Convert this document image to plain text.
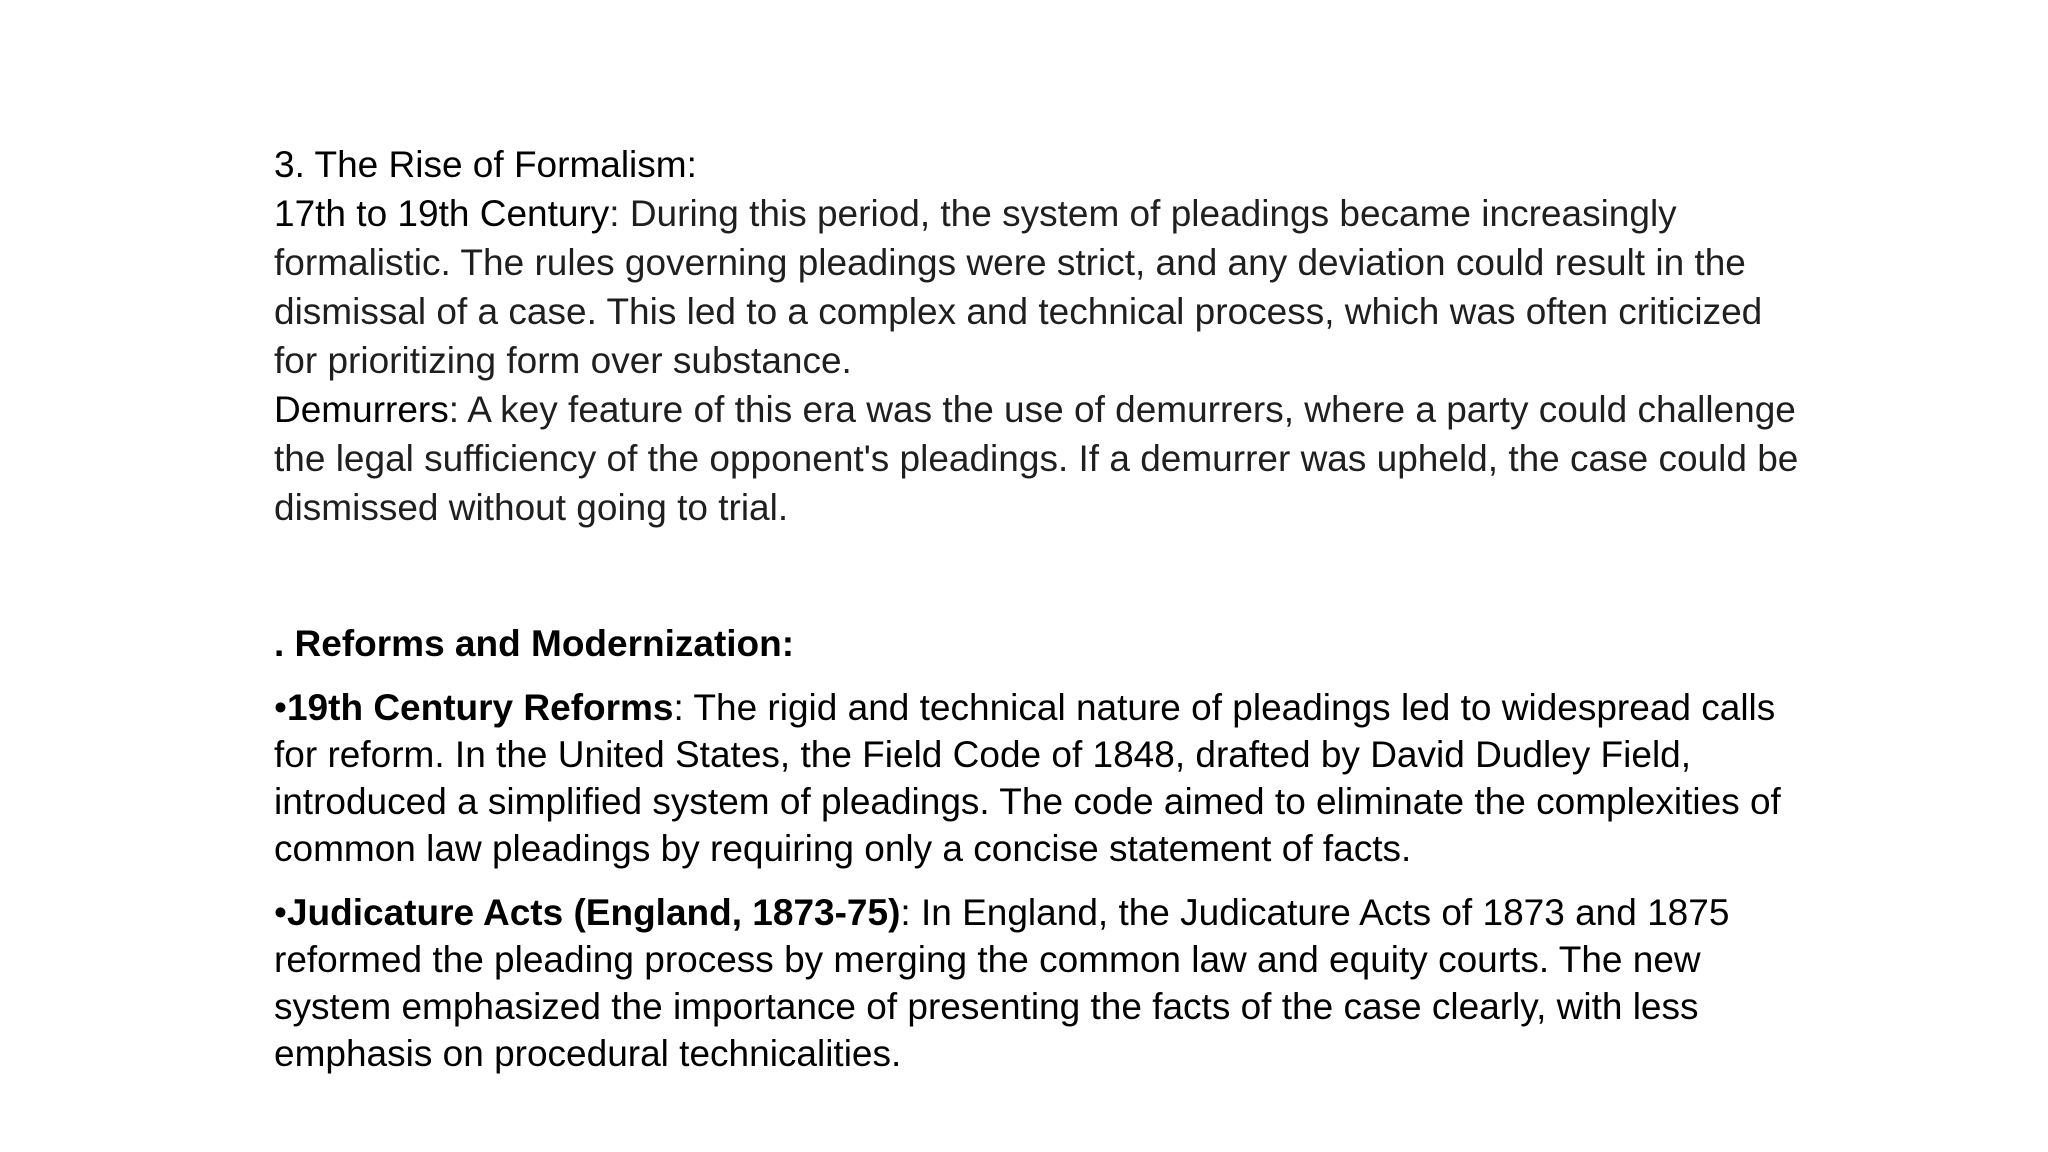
3. The Rise of Formalism:
17th to 19th Century: During this period, the system of pleadings became increasingly formalistic. The rules governing pleadings were strict, and any deviation could result in the dismissal of a case. This led to a complex and technical process, which was often criticized for prioritizing form over substance.
Demurrers: A key feature of this era was the use of demurrers, where a party could challenge the legal sufficiency of the opponent's pleadings. If a demurrer was upheld, the case could be dismissed without going to trial.
. Reforms and Modernization:
•19th Century Reforms: The rigid and technical nature of pleadings led to widespread calls for reform. In the United States, the Field Code of 1848, drafted by David Dudley Field, introduced a simplified system of pleadings. The code aimed to eliminate the complexities of common law pleadings by requiring only a concise statement of facts.
•Judicature Acts (England, 1873-75): In England, the Judicature Acts of 1873 and 1875 reformed the pleading process by merging the common law and equity courts. The new system emphasized the importance of presenting the facts of the case clearly, with less emphasis on procedural technicalities.
